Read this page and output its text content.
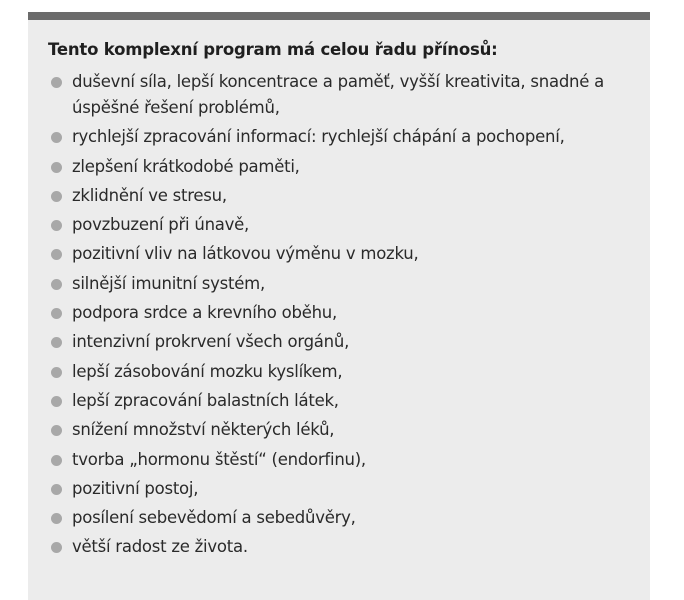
Tento komplexní program má celou řadu přínosů:
duševní síla, lepší koncentrace a paměť, vyšší kreativita, snadné a úspěšné řešení problémů,
rychlejší zpracování informací: rychlejší chápání a pochopení,
zlepšení krátkodobé paměti,
zklidnění ve stresu,
povzbuzení při únavě,
pozitivní vliv na látkovou výměnu v mozku,
silnější imunitní systém,
podpora srdce a krevního oběhu,
intenzivní prokrvení všech orgánů,
lepší zásobování mozku kyslíkem,
lepší zpracování balastních látek,
snížení množství některých léků,
tvorba „hormonu štěstí“ (endorfinu),
pozitivní postoj,
posílení sebevědomí a sebedůvěry,
větší radost ze života.
